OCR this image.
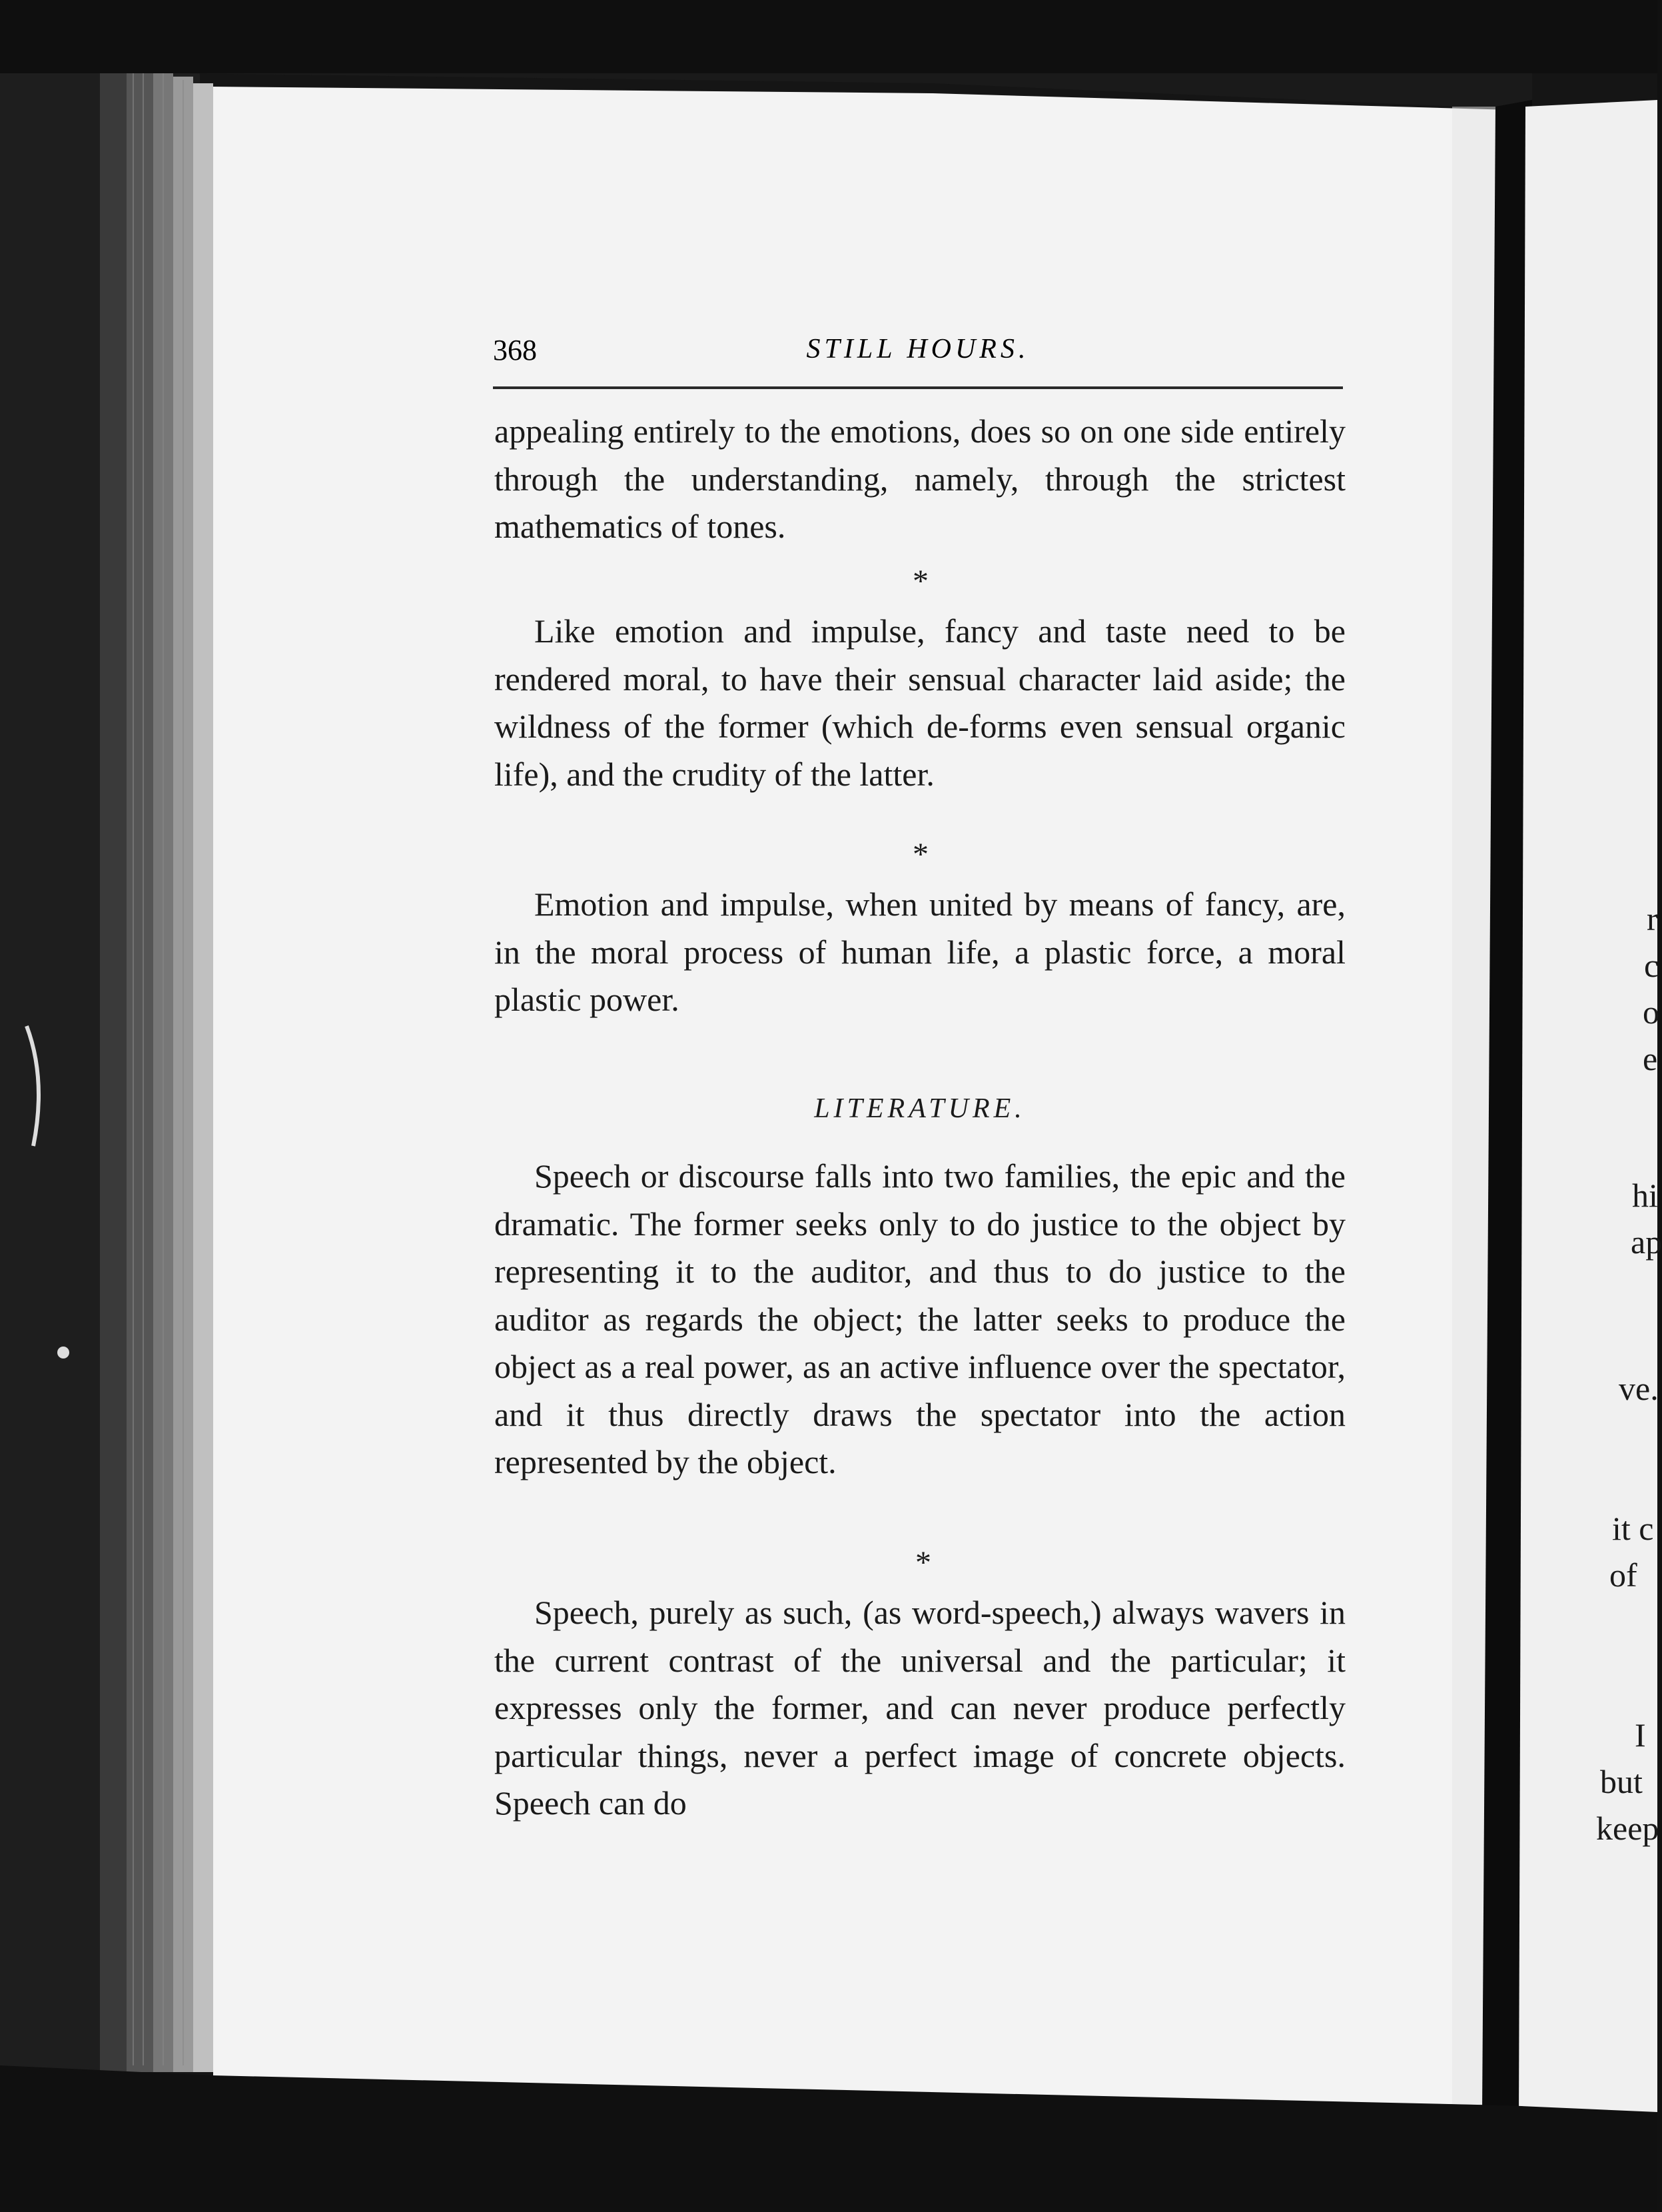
368	STILL HOURS.

appealing entirely to the emotions, does so on one side entirely through the understanding, namely, through the strictest mathematics of tones.

*

Like emotion and impulse, fancy and taste need to be rendered moral, to have their sensual character laid aside; the wildness of the former (which de-forms even sensual organic life), and the crudity of the latter.

*

Emotion and impulse, when united by means of fancy, are, in the moral process of human life, a plastic force, a moral plastic power.

LITERATURE.

Speech or discourse falls into two families, the epic and the dramatic. The former seeks only to do justice to the object by representing it to the auditor, and thus to do justice to the auditor as regards the object; the latter seeks to produce the object as a real power, as an active influence over the spectator, and it thus directly draws the spectator into the action represented by the object.

*

Speech, purely as such, (as word-speech,) always wavers in the current contrast of the universal and the particular; it expresses only the former, and can never produce perfectly particular things, never a perfect image of concrete objects. Speech can do

r
c
o
e
hi
ap
ve.
it c
of
I
but
keep
